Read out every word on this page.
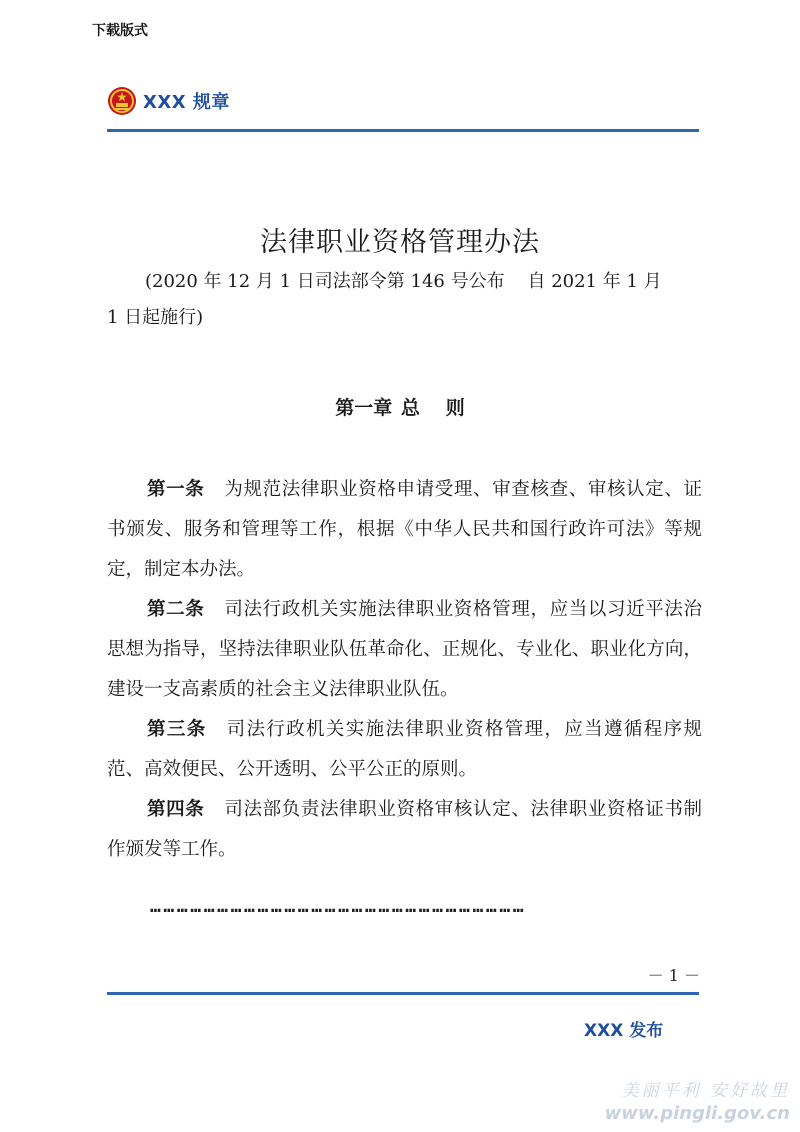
下载版式
XXX 规章
法律职业资格管理办法
(2020 年 12 月 1 日司法部令第 146 号公布    自 2021 年 1 月
1 日起施行)
第一章 总   则

第一条 为规范法律职业资格申请受理、审查核查、审核认定、证书颁发、服务和管理等工作，根据《中华人民共和国行政许可法》等规定，制定本办法。

第二条 司法行政机关实施法律职业资格管理，应当以习近平法治思想为指导，坚持法律职业队伍革命化、正规化、专业化、职业化方向，建设一支高素质的社会主义法律职业队伍。

第三条 司法行政机关实施法律职业资格管理，应当遵循程序规范、高效便民、公开透明、公平公正的原则。

第四条 司法部负责法律职业资格审核认定、法律职业资格证书制作颁发等工作。

…………………………………………………………………………
－ 1 －
XXX 发布
美丽平利 安好故里
www.pingli.gov.cn
